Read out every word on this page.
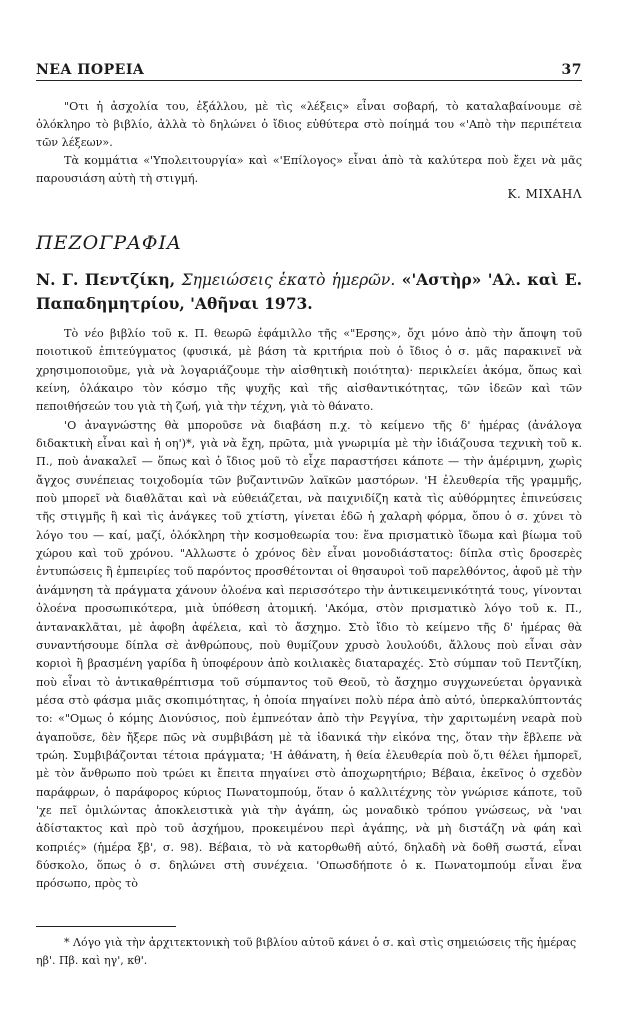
ΝΕΑ ΠΟΡΕΙΑ	37

"Οτι ἡ ἀσχολία του, ἐξάλλου, μὲ τὶς «λέξεις» εἶναι σοβαρή, τὸ καταλαβαίνουμε σὲ ὁλόκληρο τὸ βιβλίο, ἀλλὰ τὸ δηλώνει ὁ ἴδιος εὐθύτερα στὸ ποίημά του «'Απὸ τὴν περιπέτεια τῶν λέξεων».

Τὰ κομμάτια «'Υπολειτουργία» καὶ «'Επίλογος» εἶναι ἀπὸ τὰ καλύτερα ποὺ ἔχει νὰ μᾶς παρουσιάση αὐτὴ τὴ στιγμή.

Κ. ΜΙΧΑΗΛ
ΠΕΖΟΓΡΑΦΙΑ
Ν. Γ. Πεντζίκη, Σημειώσεις ἑκατὸ ἡμερῶν. «'Αστὴρ» 'Αλ. καὶ Ε. Παπαδημητρίου, 'Αθῆναι 1973.

Τὸ νέο βιβλίο τοῦ κ. Π. θεωρῶ ἐφάμιλλο τῆς «"Ερσης», ὄχι μόνο ἀπὸ τὴν ἄποψη τοῦ ποιοτικοῦ ἐπιτεύγματος (φυσικά, μὲ βάση τὰ κριτήρια ποὺ ὁ ἴδιος ὁ σ. μᾶς παρακινεῖ νὰ χρησιμοποιοῦμε, γιὰ νὰ λογαριάζουμε τὴν αἰσθητικὴ ποιότητα)· περικλείει ἀκόμα, ὅπως καὶ κείνη, ὁλάκαιρο τὸν κόσμο τῆς ψυχῆς καὶ τῆς αἰσθαντικότητας, τῶν ἰδεῶν καὶ τῶν πεποιθήσεών του γιὰ τὴ ζωή, γιὰ τὴν τέχνη, γιὰ τὸ θάνατο.

'Ο ἀναγνώστης θὰ μποροῦσε νὰ διαβάση π.χ. τὸ κείμενο τῆς δ' ἡμέρας (ἀνάλογα διδακτικὴ εἶναι καὶ ἡ οη')*, γιὰ νὰ ἔχη, πρῶτα, μιὰ γνωριμία μὲ τὴν ἰδιάζουσα τεχνικὴ τοῦ κ. Π., ποὺ ἀνακαλεῖ — ὅπως καὶ ὁ ἴδιος μοῦ τὸ εἶχε παραστήσει κάποτε — τὴν ἀμέριμνη, χωρὶς ἄγχος συνέπειας τοιχοδομία τῶν βυζαντινῶν λαϊκῶν μαστόρων. 'Η ἐλευθερία τῆς γραμμῆς, ποὺ μπορεῖ νὰ διαθλᾶται καὶ νὰ εὐθειάζεται, νὰ παιχνιδίζη κατὰ τὶς αὐθόρμητες ἐπινεύσεις τῆς στιγμῆς ἢ καὶ τὶς ἀνάγκες τοῦ χτίστη, γίνεται ἐδῶ ἡ χαλαρὴ φόρμα, ὅπου ὁ σ. χύνει τὸ λόγο του — καί, μαζί, ὁλόκληρη τὴν κοσμοθεωρία του: ἕνα πρισματικὸ ἴδωμα καὶ βίωμα τοῦ χώρου καὶ τοῦ χρόνου. "Αλλωστε ὁ χρόνος δὲν εἶναι μονοδιάστατος: δίπλα στὶς δροσερὲς ἐντυπώσεις ἢ ἐμπειρίες τοῦ παρόντος προσθέτονται οἱ θησαυροὶ τοῦ παρελθόντος, ἀφοῦ μὲ τὴν ἀνάμνηση τὰ πράγματα χάνουν ὁλοένα καὶ περισσότερο τὴν ἀντικειμενικότητά τους, γίνονται ὁλοένα προσωπικότερα, μιὰ ὑπόθεση ἀτομική. 'Ακόμα, στὸν πρισματικὸ λόγο τοῦ κ. Π., ἀντανακλᾶται, μὲ ἀφοβη ἀφέλεια, καὶ τὸ ἄσχημο. Στὸ ἴδιο τὸ κείμενο τῆς δ' ἡμέρας θὰ συναντήσουμε δίπλα σὲ ἀνθρώπους, ποὺ θυμίζουν χρυσὸ λουλούδι, ἄλλους ποὺ εἶναι σὰν κοριοὶ ἢ βρασμένη γαρίδα ἢ ὑποφέρουν ἀπὸ κοιλιακὲς διαταραχές. Στὸ σύμπαν τοῦ Πεντζίκη, ποὺ εἶναι τὸ ἀντικαθρέπτισμα τοῦ σύμπαντος τοῦ Θεοῦ, τὸ ἄσχημο συγχωνεύεται ὀργανικὰ μέσα στὸ φάσμα μιᾶς σκοπιμότητας, ἡ ὁποία πηγαίνει πολὺ πέρα ἀπὸ αὐτό, ὑπερκαλύπτοντάς το: «"Ομως ὁ κόμης Διονύσιος, ποὺ ἐμπνεόταν ἀπὸ τὴν Ρεγγίνα, τὴν χαριτωμένη νεαρὰ ποὺ ἀγαποῦσε, δὲν ἤξερε πῶς νὰ συμβιβάση μὲ τὰ ἰδανικά τὴν εἰκόνα της, ὅταν τὴν ἔβλεπε νὰ τρώη. Συμβιβάζονται τέτοια πράγματα; 'Η ἀθάνατη, ἡ θεία ἐλευθερία ποὺ ὅ,τι θέλει ἠμπορεῖ, μὲ τὸν ἄνθρωπο ποὺ τρώει κι ἔπειτα πηγαίνει στὸ ἀποχωρητήριο; Βέβαια, ἐκεῖνος ὁ σχεδὸν παράφρων, ὁ παράφορος κύριος Πωνατομπούμ, ὅταν ὁ καλλιτέχνης τὸν γνώρισε κάποτε, τοῦ 'χε πεῖ ὁμιλώντας ἀποκλειστικὰ γιὰ τὴν ἀγάπη, ὡς μοναδικὸ τρόπου γνώσεως, νὰ 'ναι ἀδίστακτος καὶ πρὸ τοῦ ἀσχήμου, προκειμένου περὶ ἀγάπης, νὰ μὴ διστάζη νὰ φάη καὶ κοπριές» (ἡμέρα ξβ', σ. 98). Βέβαια, τὸ νὰ κατορθωθῆ αὐτό, δηλαδὴ νὰ δοθῆ σωστά, εἶναι δύσκολο, ὅπως ὁ σ. δηλώνει στὴ συνέχεια. 'Οπωσδήποτε ὁ κ. Πωνατομπούμ εἶναι ἕνα πρόσωπο, πρὸς τὸ

* Λόγο γιὰ τὴν ἀρχιτεκτονικὴ τοῦ βιβλίου αὐτοῦ κάνει ὁ σ. καὶ στὶς σημειώσεις τῆς ἡμέρας ηβ'. Πβ. καὶ ηγ', κθ'.
